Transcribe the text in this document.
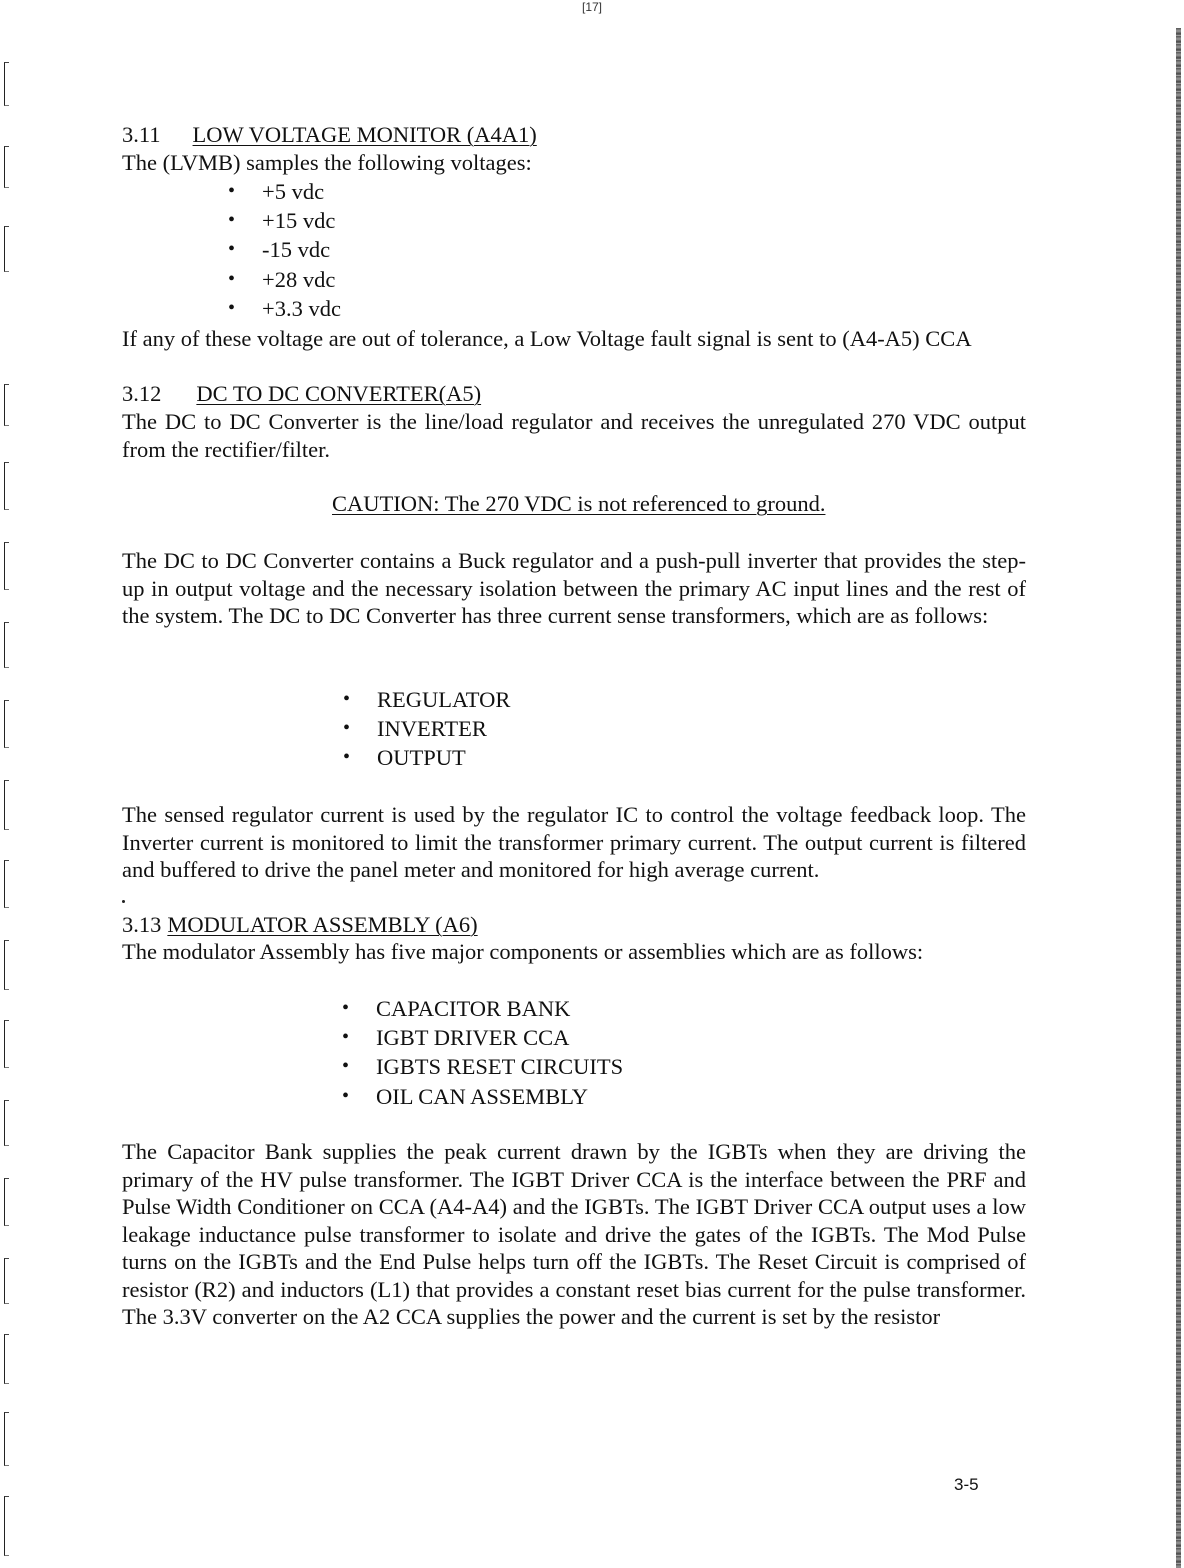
[17]
3.11 LOW VOLTAGE MONITOR (A4A1)
The (LVMB) samples the following voltages:
• +5 vdc
• +15 vdc
• -15 vdc
• +28 vdc
• +3.3 vdc
If any of these voltage are out of tolerance, a Low Voltage fault signal is sent to (A4-A5) CCA
3.12 DC TO DC CONVERTER(A5)
The DC to DC Converter is the line/load regulator and receives the unregulated 270 VDC output from the rectifier/filter.
CAUTION: The 270 VDC is not referenced to ground.
The DC to DC Converter contains a Buck regulator and a push-pull inverter that provides the step-up in output voltage and the necessary isolation between the primary AC input lines and the rest of the system. The DC to DC Converter has three current sense transformers, which are as follows:
• REGULATOR
• INVERTER
• OUTPUT
The sensed regulator current is used by the regulator IC to control the voltage feedback loop. The Inverter current is monitored to limit the transformer primary current. The output current is filtered and buffered to drive the panel meter and monitored for high average current.
3.13 MODULATOR ASSEMBLY (A6)
The modulator Assembly has five major components or assemblies which are as follows:
• CAPACITOR BANK
• IGBT DRIVER CCA
• IGBTS RESET CIRCUITS
• OIL CAN ASSEMBLY
The Capacitor Bank supplies the peak current drawn by the IGBTs when they are driving the primary of the HV pulse transformer. The IGBT Driver CCA is the interface between the PRF and Pulse Width Conditioner on CCA (A4-A4) and the IGBTs. The IGBT Driver CCA output uses a low leakage inductance pulse transformer to isolate and drive the gates of the IGBTs. The Mod Pulse turns on the IGBTs and the End Pulse helps turn off the IGBTs. The Reset Circuit is comprised of resistor (R2) and inductors (L1) that provides a constant reset bias current for the pulse transformer. The 3.3V converter on the A2 CCA supplies the power and the current is set by the resistor
3-5
